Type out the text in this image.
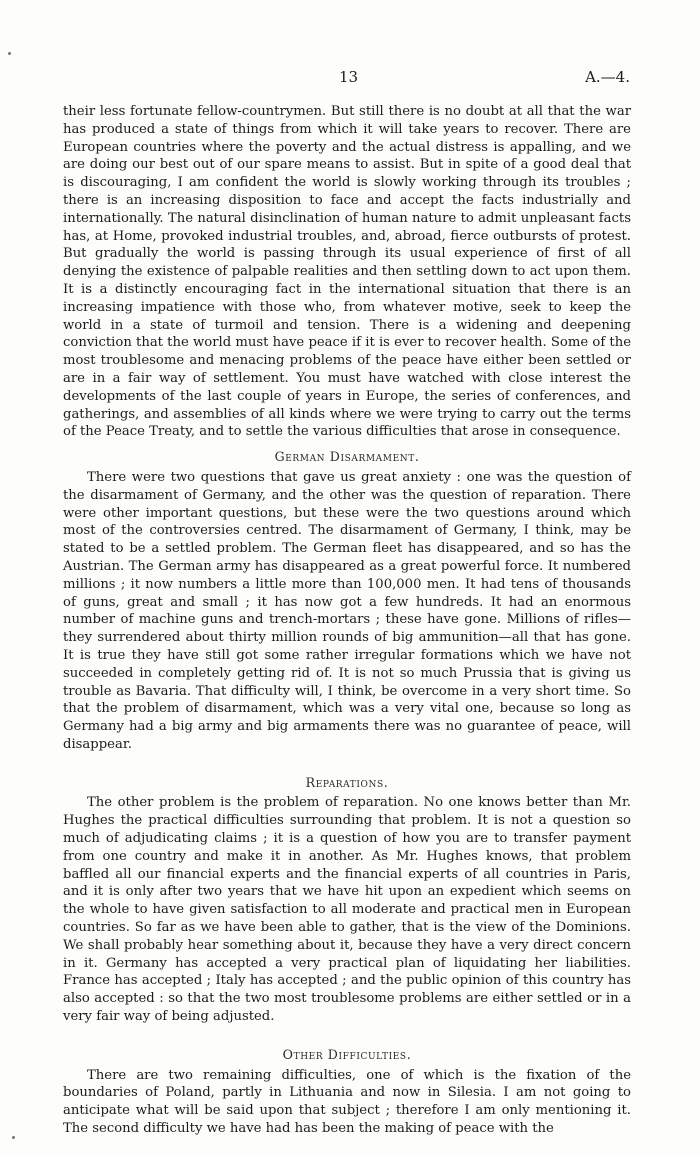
13	A.—4.

their less fortunate fellow-countrymen. But still there is no doubt at all that the war has produced a state of things from which it will take years to recover. There are European countries where the poverty and the actual distress is appalling, and we are doing our best out of our spare means to assist. But in spite of a good deal that is discouraging, I am confident the world is slowly working through its troubles ; there is an increasing disposition to face and accept the facts industrially and internationally. The natural disinclination of human nature to admit unpleasant facts has, at Home, provoked industrial troubles, and, abroad, fierce outbursts of protest. But gradually the world is passing through its usual experience of first of all denying the existence of palpable realities and then settling down to act upon them. It is a distinctly encouraging fact in the international situation that there is an increasing impatience with those who, from whatever motive, seek to keep the world in a state of turmoil and tension. There is a widening and deepening conviction that the world must have peace if it is ever to recover health. Some of the most troublesome and menacing problems of the peace have either been settled or are in a fair way of settlement. You must have watched with close interest the developments of the last couple of years in Europe, the series of conferences, and gatherings, and assemblies of all kinds where we were trying to carry out the terms of the Peace Treaty, and to settle the various difficulties that arose in consequence.

German Disarmament.

There were two questions that gave us great anxiety : one was the question of the disarmament of Germany, and the other was the question of reparation. There were other important questions, but these were the two questions around which most of the controversies centred. The disarmament of Germany, I think, may be stated to be a settled problem. The German fleet has disappeared, and so has the Austrian. The German army has disappeared as a great powerful force. It numbered millions ; it now numbers a little more than 100,000 men. It had tens of thousands of guns, great and small ; it has now got a few hundreds. It had an enormous number of machine guns and trench-mortars ; these have gone. Millions of rifles—they surrendered about thirty million rounds of big ammunition—all that has gone. It is true they have still got some rather irregular formations which we have not succeeded in completely getting rid of. It is not so much Prussia that is giving us trouble as Bavaria. That difficulty will, I think, be overcome in a very short time. So that the problem of disarmament, which was a very vital one, because so long as Germany had a big army and big armaments there was no guarantee of peace, will disappear.

Reparations.

The other problem is the problem of reparation. No one knows better than Mr. Hughes the practical difficulties surrounding that problem. It is not a question so much of adjudicating claims ; it is a question of how you are to transfer payment from one country and make it in another. As Mr. Hughes knows, that problem baffled all our financial experts and the financial experts of all countries in Paris, and it is only after two years that we have hit upon an expedient which seems on the whole to have given satisfaction to all moderate and practical men in European countries. So far as we have been able to gather, that is the view of the Dominions. We shall probably hear something about it, because they have a very direct concern in it. Germany has accepted a very practical plan of liquidating her liabilities. France has accepted ; Italy has accepted ; and the public opinion of this country has also accepted : so that the two most troublesome problems are either settled or in a very fair way of being adjusted.

Other Difficulties.

There are two remaining difficulties, one of which is the fixation of the boundaries of Poland, partly in Lithuania and now in Silesia. I am not going to anticipate what will be said upon that subject ; therefore I am only mentioning it. The second difficulty we have had has been the making of peace with the
